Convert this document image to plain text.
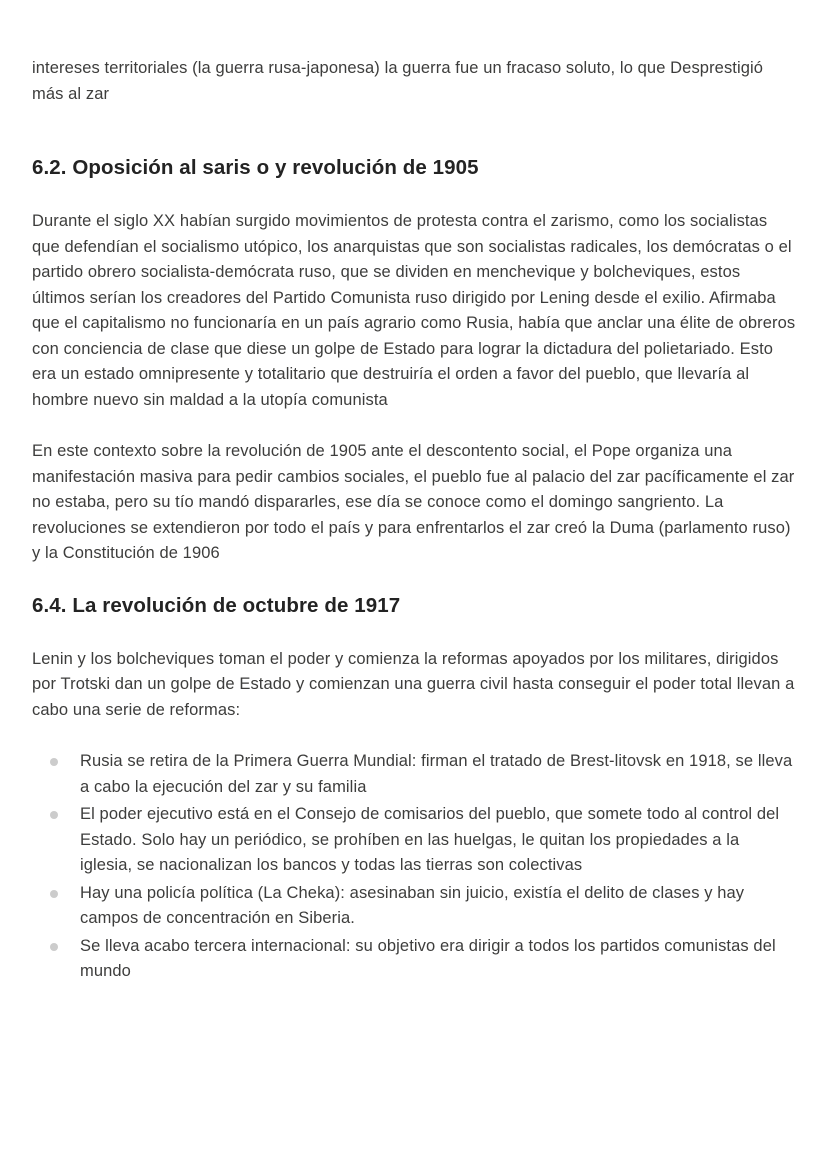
intereses territoriales (la guerra rusa-japonesa) la guerra fue un fracaso soluto, lo que Desprestigió más al zar

6.2. Oposición al saris o y revolución de 1905

Durante el siglo XX habían surgido movimientos de protesta contra el zarismo, como los socialistas que defendían el socialismo utópico, los anarquistas que son socialistas radicales, los demócratas o el partido obrero socialista-demócrata ruso, que se dividen en menchevique y bolcheviques, estos últimos serían los creadores del Partido Comunista ruso dirigido por Lening desde el exilio. Afirmaba que el capitalismo no funcionaría en un país agrario como Rusia, había que anclar una élite de obreros con conciencia de clase que diese un golpe de Estado para lograr la dictadura del polietariado. Esto era un estado omnipresente y totalitario que destruiría el orden a favor del pueblo, que llevaría al hombre nuevo sin maldad a la utopía comunista

En este contexto sobre la revolución de 1905 ante el descontento social, el Pope organiza una manifestación masiva para pedir cambios sociales, el pueblo fue al palacio del zar pacíficamente el zar no estaba, pero su tío mandó dispararles, ese día se conoce como el domingo sangriento. La revoluciones se extendieron por todo el país y para enfrentarlos el zar creó la Duma (parlamento ruso) y la Constitución de 1906

6.4. La revolución de octubre de 1917

Lenin y los bolcheviques toman el poder y comienza la reformas apoyados por los militares, dirigidos por Trotski dan un golpe de Estado y comienzan una guerra civil hasta conseguir el poder total llevan a cabo una serie de reformas:

Rusia se retira de la Primera Guerra Mundial: firman el tratado de Brest-litovsk en 1918, se lleva a cabo la ejecución del zar y su familia
El poder ejecutivo está en el Consejo de comisarios del pueblo, que somete todo al control del Estado. Solo hay un periódico, se prohíben en las huelgas, le quitan los propiedades a la iglesia, se nacionalizan los bancos y todas las tierras son colectivas
Hay una policía política (La Cheka): asesinaban sin juicio, existía el delito de clases y hay campos de concentración en Siberia.
Se lleva acabo tercera internacional: su objetivo era dirigir a todos los partidos comunistas del mundo
